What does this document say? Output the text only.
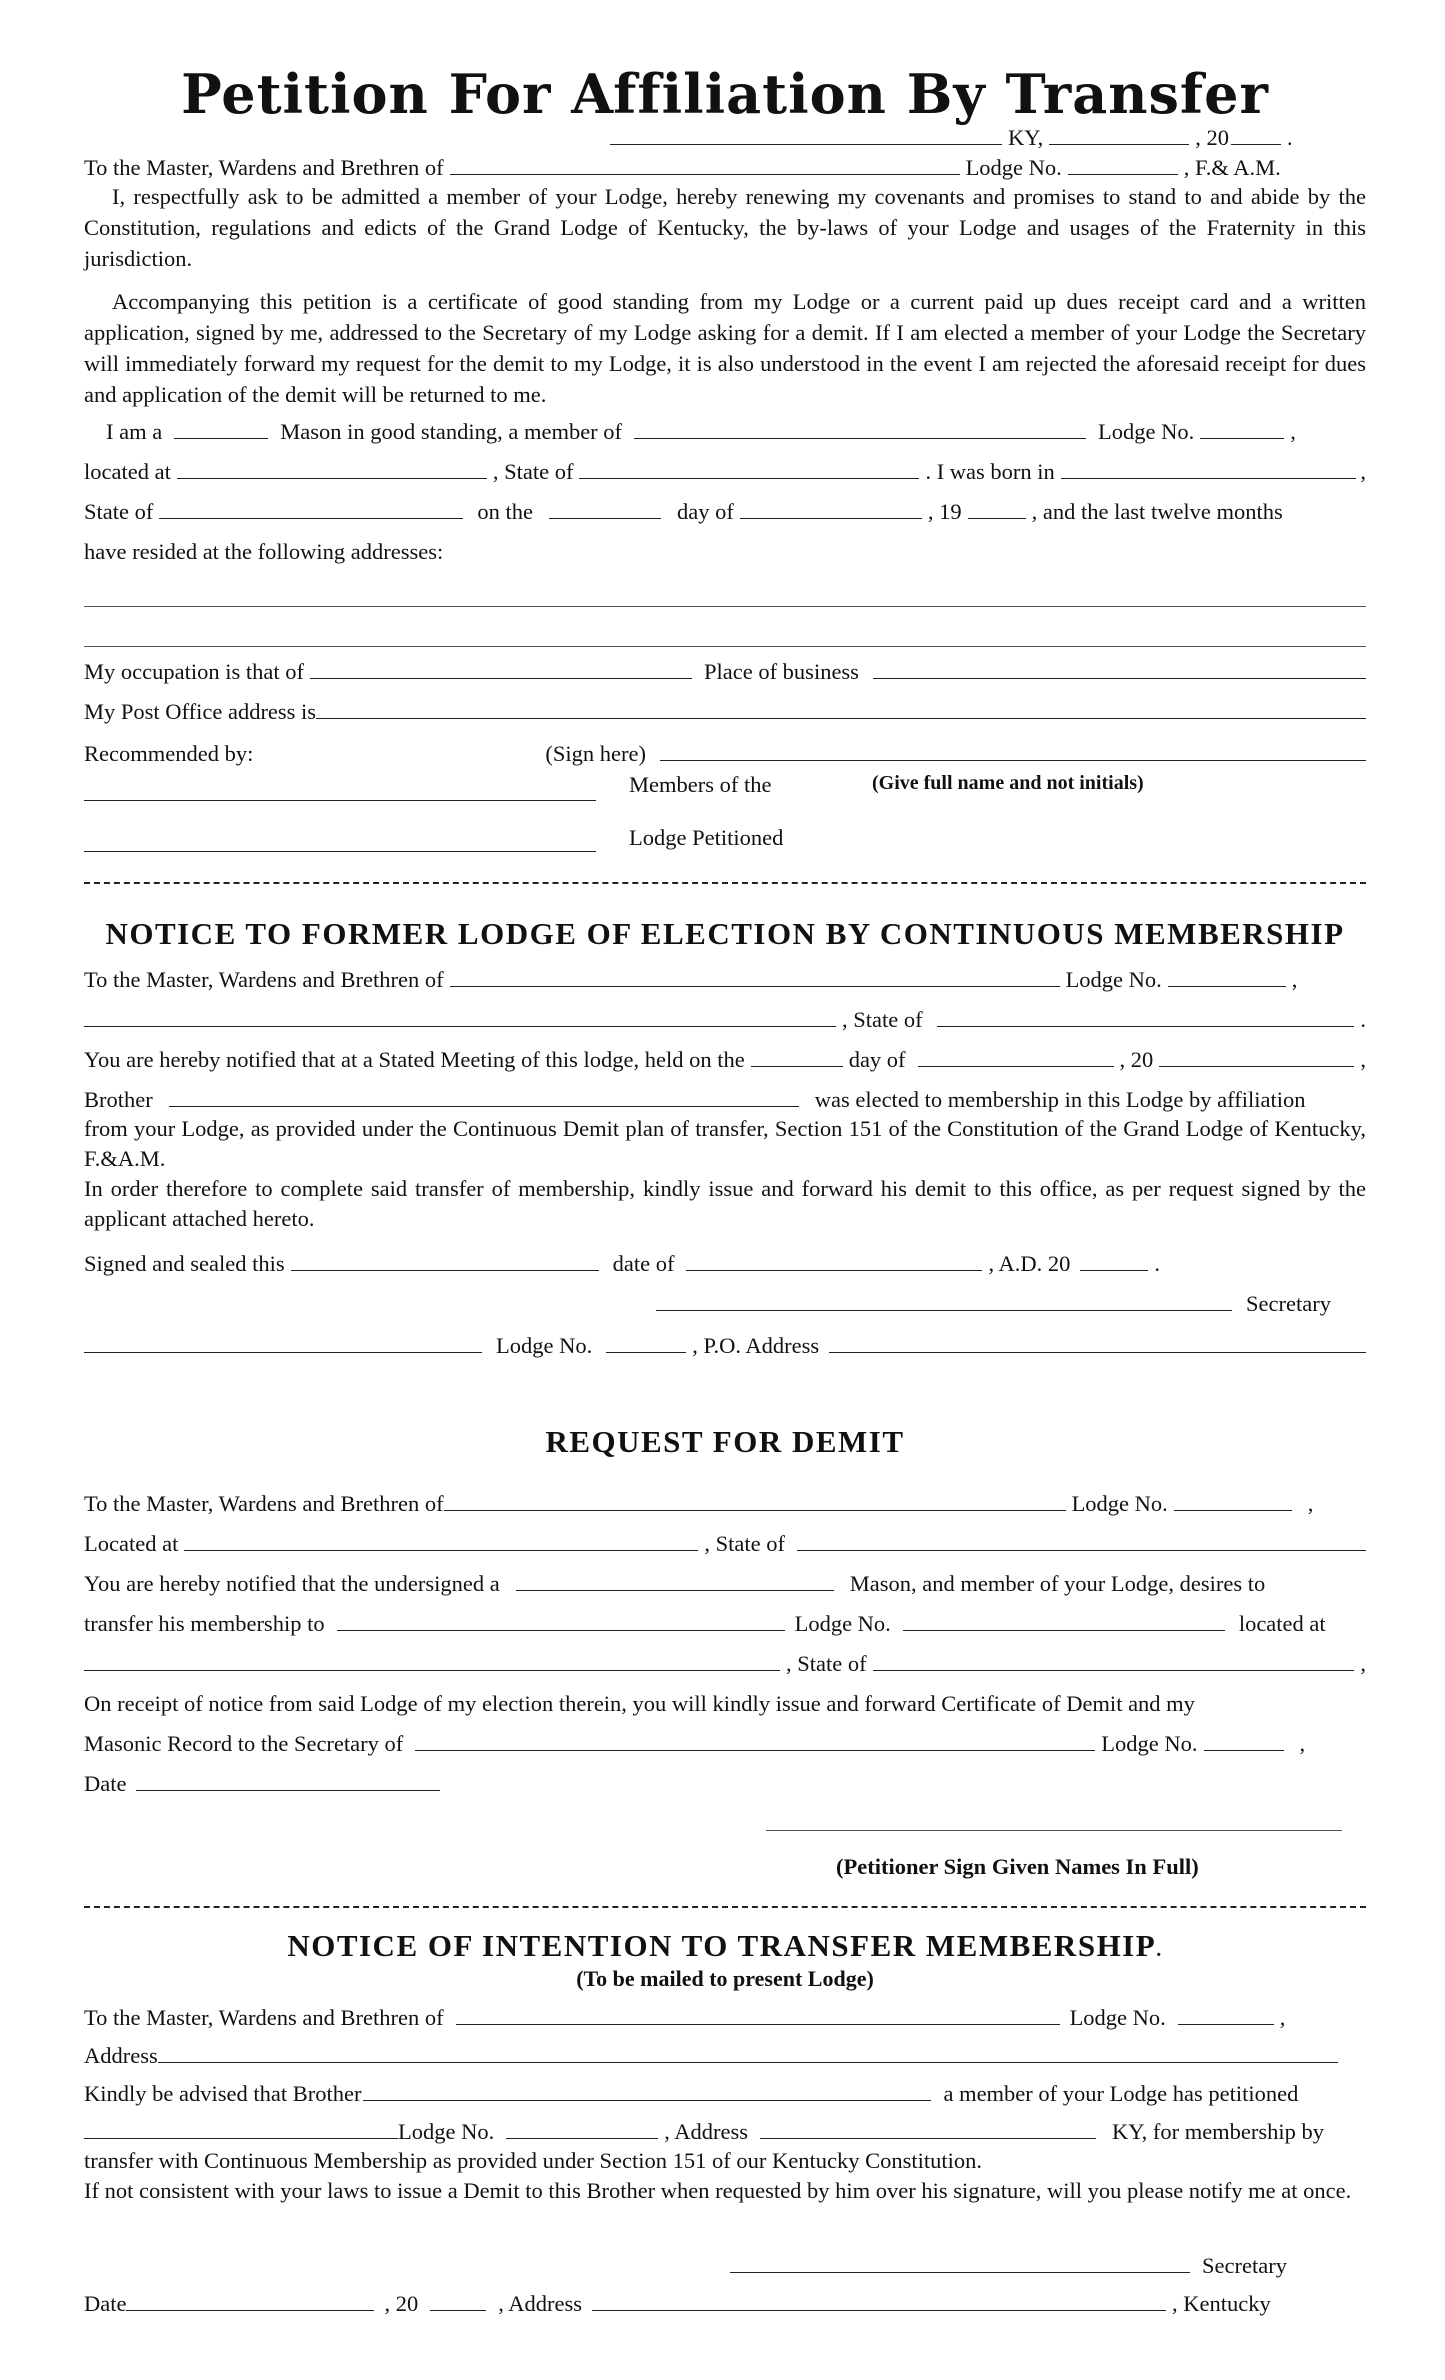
Petition For Affiliation By Transfer
KY,	, 20	.
To the Master, Wardens and Brethren of	Lodge No.	, F.& A.M.
I, respectfully ask to be admitted a member of your Lodge, hereby renewing my covenants and promises to stand to and abide by the Constitution, regulations and edicts of the Grand Lodge of Kentucky, the by-laws of your Lodge and usages of the Fraternity in this jurisdiction.
Accompanying this petition is a certificate of good standing from my Lodge or a current paid up dues receipt card and a written application, signed by me, addressed to the Secretary of my Lodge asking for a demit. If I am elected a member of your Lodge the Secretary will immediately forward my request for the demit to my Lodge, it is also understood in the event I am rejected the aforesaid receipt for dues and application of the demit will be returned to me.
I am a	Mason in good standing, a member of	Lodge No.	,
located at	, State of	. I was born in	,
State of	on the	day of	, 19	, and the last twelve months
have resided at the following addresses:
My occupation is that of	Place of business
My Post Office address is
Recommended by:	(Sign here)
Members of the	(Give full name and not initials)
Lodge Petitioned
NOTICE TO FORMER LODGE OF ELECTION BY CONTINUOUS MEMBERSHIP
To the Master, Wardens and Brethren of	Lodge No.	,
, State of	.
You are hereby notified that at a Stated Meeting of this lodge, held on the	day of	, 20	,
Brother	was elected to membership in this Lodge by affiliation
from your Lodge, as provided under the Continuous Demit plan of transfer, Section 151 of the Constitution of the Grand Lodge of Kentucky, F.&A.M.
In order therefore to complete said transfer of membership, kindly issue and forward his demit to this office, as per request signed by the applicant attached hereto.
Signed and sealed this	date of	, A.D. 20	.
Secretary
Lodge No.	, P.O. Address
REQUEST FOR DEMIT
To the Master, Wardens and Brethren of	Lodge No.	,
Located at	, State of
You are hereby notified that the undersigned a	Mason, and member of your Lodge, desires to
transfer his membership to	Lodge No.	located at
, State of	,
On receipt of notice from said Lodge of my election therein, you will kindly issue and forward Certificate of Demit and my
Masonic Record to the Secretary of	Lodge No.	,
Date
(Petitioner Sign Given Names In Full)
NOTICE OF INTENTION TO TRANSFER MEMBERSHIP.
(To be mailed to present Lodge)
To the Master, Wardens and Brethren of	Lodge No.	,
Address
Kindly be advised that Brother	a member of your Lodge has petitioned
Lodge No.	, Address	KY, for membership by
transfer with Continuous Membership as provided under Section 151 of our Kentucky Constitution.
If not consistent with your laws to issue a Demit to this Brother when requested by him over his signature, will you please notify me at once.
Secretary
Date	, 20	, Address	, Kentucky
